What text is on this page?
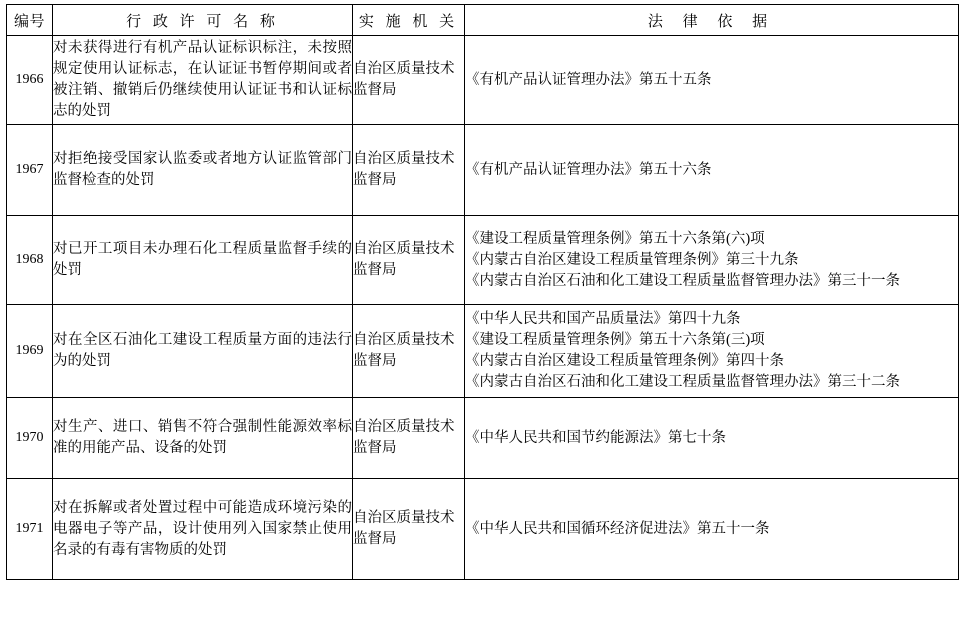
编号	行 政 许 可 名 称	实 施 机 关	法 律 依 据
1966	对未获得进行有机产品认证标识标注，未按照规定使用认证标志，在认证证书暂停期间或者被注销、撤销后仍继续使用认证证书和认证标志的处罚	自治区质量技术监督局	《有机产品认证管理办法》第五十五条

1967	对拒绝接受国家认监委或者地方认证监管部门监督检查的处罚	自治区质量技术监督局	《有机产品认证管理办法》第五十六条

1968	对已开工项目未办理石化工程质量监督手续的处罚	自治区质量技术监督局	《建设工程质量管理条例》第五十六条第(六)项
《内蒙古自治区建设工程质量管理条例》第三十九条
《内蒙古自治区石油和化工建设工程质量监督管理办法》第三十一条

1969	对在全区石油化工建设工程质量方面的违法行为的处罚	自治区质量技术监督局	《中华人民共和国产品质量法》第四十九条
《建设工程质量管理条例》第五十六条第(三)项
《内蒙古自治区建设工程质量管理条例》第四十条
《内蒙古自治区石油和化工建设工程质量监督管理办法》第三十二条

1970	对生产、进口、销售不符合强制性能源效率标准的用能产品、设备的处罚	自治区质量技术监督局	《中华人民共和国节约能源法》第七十条

1971	对在拆解或者处置过程中可能造成环境污染的电器电子等产品，设计使用列入国家禁止使用名录的有毒有害物质的处罚	自治区质量技术监督局	《中华人民共和国循环经济促进法》第五十一条
